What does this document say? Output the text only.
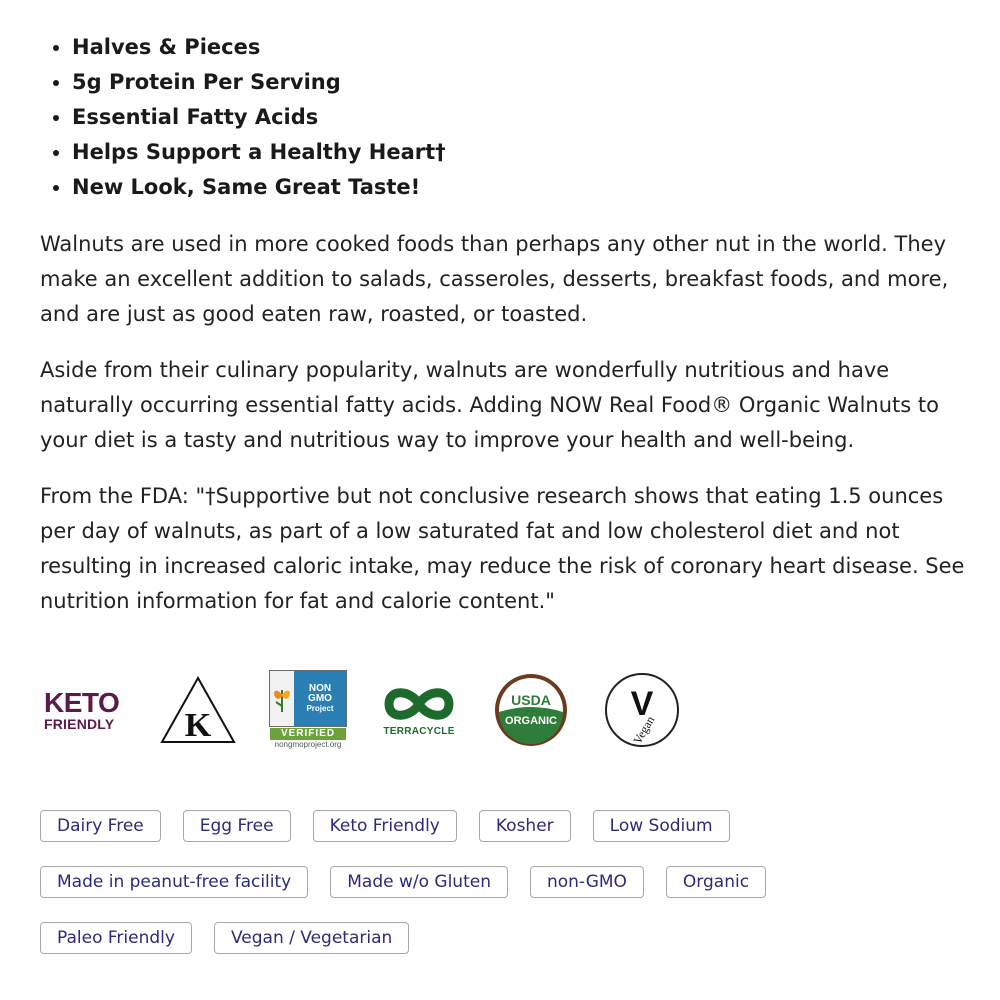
• Halves & Pieces
• 5g Protein Per Serving
• Essential Fatty Acids
• Helps Support a Healthy Heart†
• New Look, Same Great Taste!

Walnuts are used in more cooked foods than perhaps any other nut in the world. They make an excellent addition to salads, casseroles, desserts, breakfast foods, and more, and are just as good eaten raw, roasted, or toasted.

Aside from their culinary popularity, walnuts are wonderfully nutritious and have naturally occurring essential fatty acids. Adding NOW Real Food® Organic Walnuts to your diet is a tasty and nutritious way to improve your health and well-being.

From the FDA: "†Supportive but not conclusive research shows that eating 1.5 ounces per day of walnuts, as part of a low saturated fat and low cholesterol diet and not resulting in increased caloric intake, may reduce the risk of coronary heart disease. See nutrition information for fat and calorie content."

KETO
FRIENDLY K
NON
GMO
Project
VERIFIED
nongmoproject.org
TERRACYCLE
USDA
ORGANIC V
Vegan
Dairy Free	Egg Free	Keto Friendly	Kosher	Low Sodium
Made in peanut-free facility	Made w/o Gluten	non-GMO	Organic
Paleo Friendly	Vegan / Vegetarian
